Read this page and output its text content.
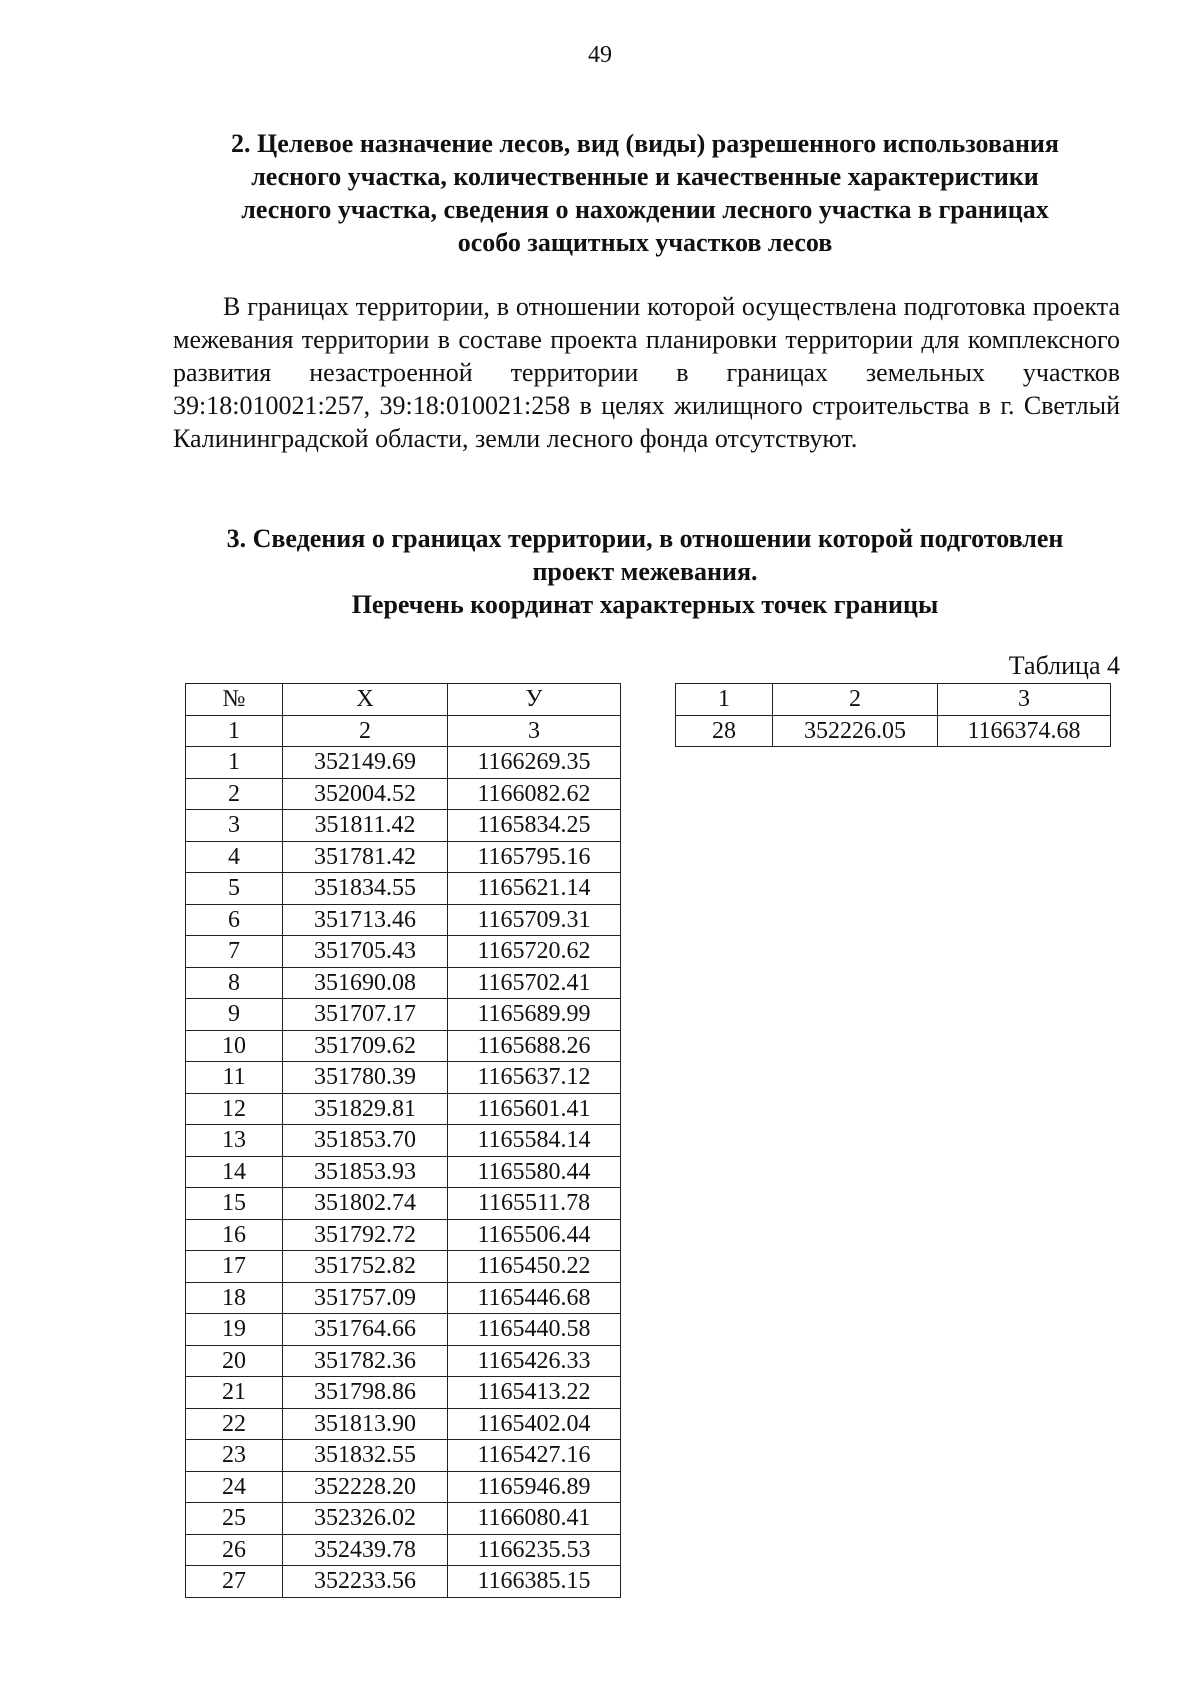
49
2. Целевое назначение лесов, вид (виды) разрешенного использования
лесного участка, количественные и качественные характеристики
лесного участка, сведения о нахождении лесного участка в границах
особо защитных участков лесов

В границах территории, в отношении которой осуществлена подготовка проекта межевания территории в составе проекта планировки территории для комплексного развития незастроенной территории в границах земельных участков 39:18:010021:257, 39:18:010021:258 в целях жилищного строительства в г. Светлый Калининградской области, земли лесного фонда отсутствуют.

3. Сведения о границах территории, в отношении которой подготовлен
проект межевания.
Перечень координат характерных точек границы
Таблица 4
№	Х	У
1	2	3
1	352149.69	1166269.35
2	352004.52	1166082.62
3	351811.42	1165834.25
4	351781.42	1165795.16
5	351834.55	1165621.14
6	351713.46	1165709.31
7	351705.43	1165720.62
8	351690.08	1165702.41
9	351707.17	1165689.99
10	351709.62	1165688.26
11	351780.39	1165637.12
12	351829.81	1165601.41
13	351853.70	1165584.14
14	351853.93	1165580.44
15	351802.74	1165511.78
16	351792.72	1165506.44
17	351752.82	1165450.22
18	351757.09	1165446.68
19	351764.66	1165440.58
20	351782.36	1165426.33
21	351798.86	1165413.22
22	351813.90	1165402.04
23	351832.55	1165427.16
24	352228.20	1165946.89
25	352326.02	1166080.41
26	352439.78	1166235.53
27	352233.56	1166385.15
1	2	3
28	352226.05	1166374.68
